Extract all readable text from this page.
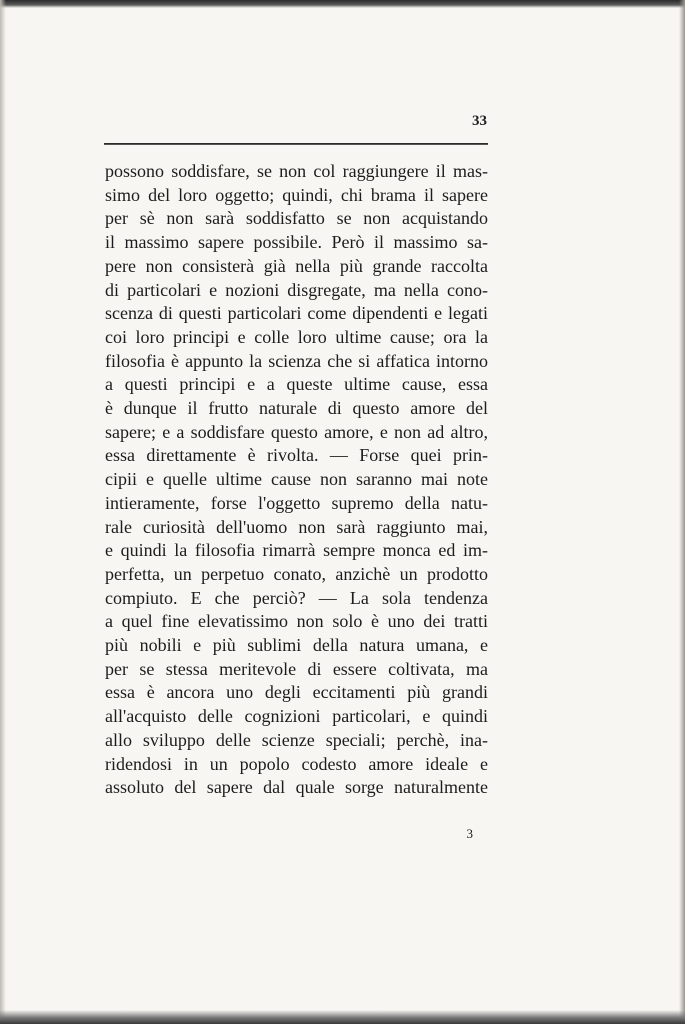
33
possono soddisfare, se non col raggiungere il mas-
simo del loro oggetto; quindi, chi brama il sapere
per sè non sarà soddisfatto se non acquistando
il massimo sapere possibile. Però il massimo sa-
pere non consisterà già nella più grande raccolta
di particolari e nozioni disgregate, ma nella cono-
scenza di questi particolari come dipendenti e legati
coi loro principi e colle loro ultime cause; ora la
filosofia è appunto la scienza che si affatica intorno
a questi principi e a queste ultime cause, essa
è dunque il frutto naturale di questo amore del
sapere; e a soddisfare questo amore, e non ad altro,
essa direttamente è rivolta. — Forse quei prin-
cipii e quelle ultime cause non saranno mai note
intieramente, forse l'oggetto supremo della natu-
rale curiosità dell'uomo non sarà raggiunto mai,
e quindi la filosofia rimarrà sempre monca ed im-
perfetta, un perpetuo conato, anzichè un prodotto
compiuto. E che perciò? — La sola tendenza
a quel fine elevatissimo non solo è uno dei tratti
più nobili e più sublimi della natura umana, e
per se stessa meritevole di essere coltivata, ma
essa è ancora uno degli eccitamenti più grandi
all'acquisto delle cognizioni particolari, e quindi
allo sviluppo delle scienze speciali; perchè, ina-
ridendosi in un popolo codesto amore ideale e
assoluto del sapere dal quale sorge naturalmente
3
